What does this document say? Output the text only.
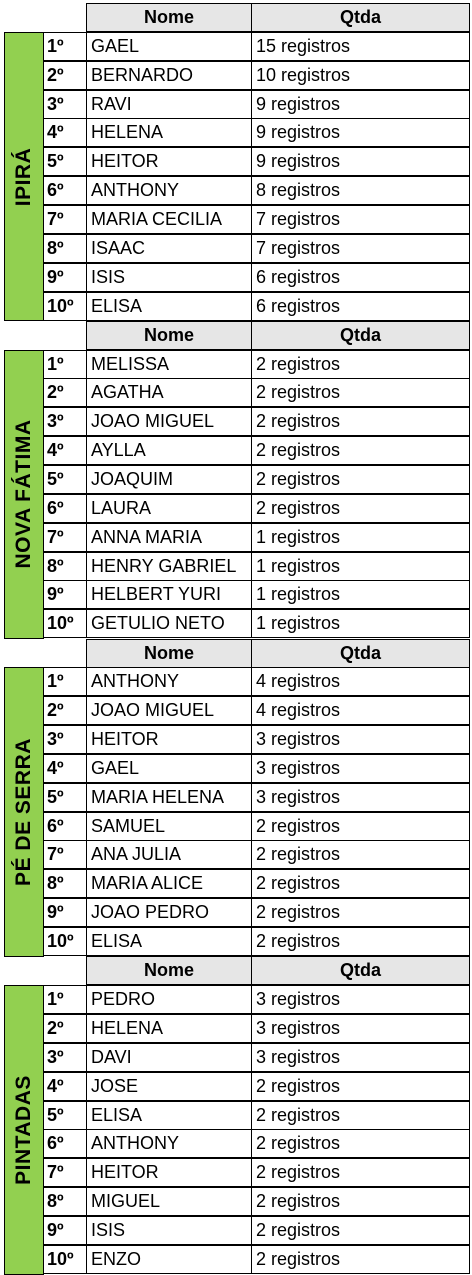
Nome	Qtda
IPIRÁ
1º	GAEL	15 registros
2º	BERNARDO	10 registros
3º	RAVI	9 registros
4º	HELENA	9 registros
5º	HEITOR	9 registros
6º	ANTHONY	8 registros
7º	MARIA CECILIA	7 registros
8º	ISAAC	7 registros
9º	ISIS	6 registros
10º ELISA	6 registros
Nome	Qtda
NOVA FÁTIMA
1º	MELISSA	2 registros
2º	AGATHA	2 registros
3º	JOAO MIGUEL	2 registros
4º	AYLLA	2 registros
5º	JOAQUIM	2 registros
6º	LAURA	2 registros
7º	ANNA MARIA	1 registros
8º	HENRY GABRIEL	1 registros
9º	HELBERT YURI	1 registros
10º GETULIO NETO	1 registros
Nome	Qtda
PÉ DE SERRA
1º	ANTHONY	4 registros
2º	JOAO MIGUEL	4 registros
3º	HEITOR	3 registros
4º	GAEL	3 registros
5º	MARIA HELENA	3 registros
6º	SAMUEL	2 registros
7º	ANA JULIA	2 registros
8º	MARIA ALICE	2 registros
9º	JOAO PEDRO	2 registros
10º ELISA	2 registros
Nome	Qtda
PINTADAS
1º	PEDRO	3 registros
2º	HELENA	3 registros
3º	DAVI	3 registros
4º	JOSE	2 registros
5º	ELISA	2 registros
6º	ANTHONY	2 registros
7º	HEITOR	2 registros
8º	MIGUEL	2 registros
9º	ISIS	2 registros
10º ENZO	2 registros
